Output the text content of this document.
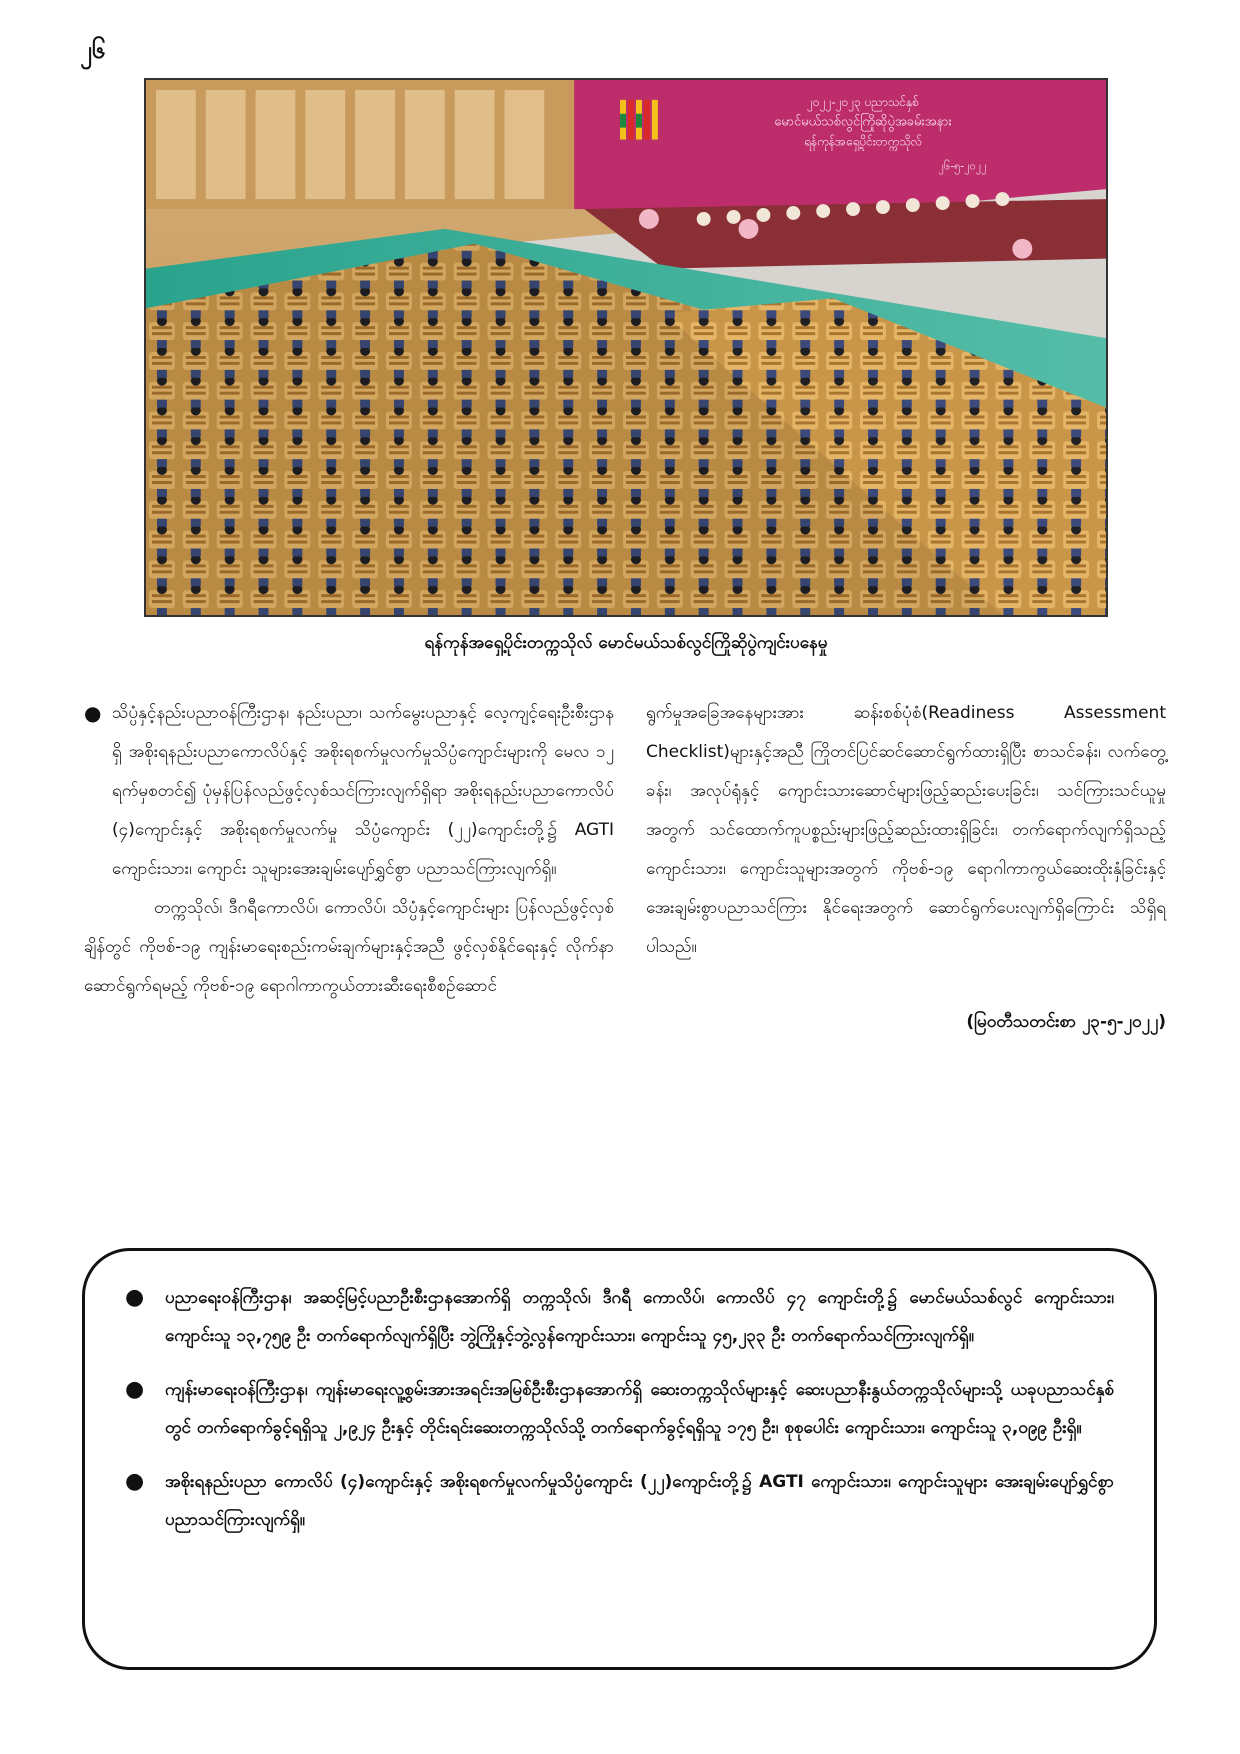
၂၆
၂၀၂၂-၂၀၂၃ ပညာသင်နှစ်
မောင်မယ်သစ်လွင်ကြိုဆိုပွဲအခမ်းအနား
ရန်ကုန်အရှေ့ပိုင်းတက္ကသိုလ်
၂၆-၅-၂၀၂၂
ရန်ကုန်အရှေ့ပိုင်းတက္ကသိုလ် မောင်မယ်သစ်လွင်ကြိုဆိုပွဲကျင်းပနေမှု

● သိပ္ပံနှင့်နည်းပညာဝန်ကြီးဌာန၊ နည်းပညာ၊ သက်မွေးပညာနှင့် လေ့ကျင့်ရေးဦးစီးဌာနရှိ အစိုးရနည်းပညာကောလိပ်နှင့် အစိုးရစက်မှုလက်မှုသိပ္ပံကျောင်းများကို မေလ ၁၂ ရက်မှစတင်၍ ပုံမှန်ပြန်လည်ဖွင့်လှစ်သင်ကြားလျက်ရှိရာ အစိုးရနည်းပညာကောလိပ် (၄)ကျောင်းနှင့် အစိုးရစက်မှုလက်မှု သိပ္ပံကျောင်း (၂၂)ကျောင်းတို့၌ AGTI ကျောင်းသား၊ ကျောင်း သူများအေးချမ်းပျော်ရွှင်စွာ ပညာသင်ကြားလျက်ရှိ။

တက္ကသိုလ်၊ ဒီဂရီကောလိပ်၊ ကောလိပ်၊ သိပ္ပံနှင့်ကျောင်းများ ပြန်လည်ဖွင့်လှစ်ချိန်တွင် ကိုဗစ်-၁၉ ကျန်းမာရေးစည်းကမ်းချက်များနှင့်အညီ ဖွင့်လှစ်နိုင်ရေးနှင့် လိုက်နာဆောင်ရွက်ရမည့် ကိုဗစ်-၁၉ ရောဂါကာကွယ်တားဆီးရေးစီစဉ်ဆောင်

ရွက်မှုအခြေအနေများအား ဆန်းစစ်ပုံစံ(Readiness Assessment Checklist)များနှင့်အညီ ကြိုတင်ပြင်ဆင်ဆောင်ရွက်ထားရှိပြီး စာသင်ခန်း၊ လက်တွေ့ခန်း၊ အလုပ်ရုံနှင့် ကျောင်းသားဆောင်များဖြည့်ဆည်းပေးခြင်း၊ သင်ကြားသင်ယူမှုအတွက် သင်ထောက်ကူပစ္စည်းများဖြည့်ဆည်းထားရှိခြင်း၊ တက်ရောက်လျက်ရှိသည့် ကျောင်းသား၊ ကျောင်းသူများအတွက် ကိုဗစ်-၁၉ ရောဂါကာကွယ်ဆေးထိုးနှံခြင်းနှင့် အေးချမ်းစွာပညာသင်ကြား နိုင်ရေးအတွက် ဆောင်ရွက်ပေးလျက်ရှိကြောင်း သိရှိရပါသည်။

(မြဝတီသတင်းစာ ၂၃-၅-၂၀၂၂)

● ပညာရေးဝန်ကြီးဌာန၊ အဆင့်မြင့်ပညာဦးစီးဌာနအောက်ရှိ တက္ကသိုလ်၊ ဒီဂရီ ကောလိပ်၊ ကောလိပ် ၄၇ ကျောင်းတို့၌ မောင်မယ်သစ်လွင် ကျောင်းသား၊ ကျောင်းသူ ၁၃,၇၅၉ ဦး တက်ရောက်လျက်ရှိပြီး ဘွဲ့ကြိုနှင့်ဘွဲ့လွန်ကျောင်းသား၊ ကျောင်းသူ ၄၅,၂၃၃ ဦး တက်ရောက်သင်ကြားလျက်ရှိ။
● ကျန်းမာရေးဝန်ကြီးဌာန၊ ကျန်းမာရေးလူ့စွမ်းအားအရင်းအမြစ်ဦးစီးဌာနအောက်ရှိ ဆေးတက္ကသိုလ်များနှင့် ဆေးပညာနီးနွယ်တက္ကသိုလ်များသို့ ယခုပညာသင်နှစ်တွင် တက်ရောက်ခွင့်ရရှိသူ ၂,၉၂၄ ဦးနှင့် တိုင်းရင်းဆေးတက္ကသိုလ်သို့ တက်ရောက်ခွင့်ရရှိသူ ၁၇၅ ဦး၊ စုစုပေါင်း ကျောင်းသား၊ ကျောင်းသူ ၃,၀၉၉ ဦးရှိ။
● အစိုးရနည်းပညာ ကောလိပ် (၄)ကျောင်းနှင့် အစိုးရစက်မှုလက်မှုသိပ္ပံကျောင်း (၂၂)ကျောင်းတို့၌ AGTI ကျောင်းသား၊ ကျောင်းသူများ အေးချမ်းပျော်ရွှင်စွာ ပညာသင်ကြားလျက်ရှိ။
